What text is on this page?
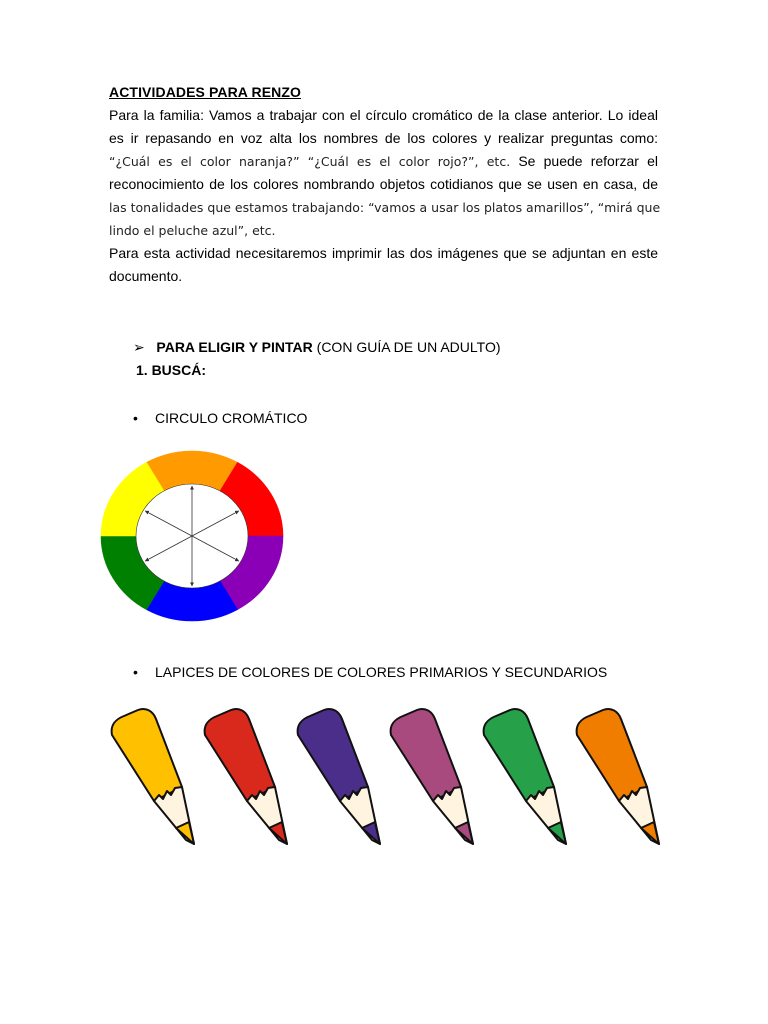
ACTIVIDADES PARA RENZO
Para la familia: Vamos a trabajar con el círculo cromático de la clase anterior. Lo ideal
es ir repasando en voz alta los nombres de los colores y realizar preguntas como:
“¿Cuál es el color naranja?” “¿Cuál es el color rojo?”, etc. Se puede reforzar el
reconocimiento de los colores nombrando objetos cotidianos que se usen en casa, de
las tonalidades que estamos trabajando: “vamos a usar los platos amarillos”, “mirá que
lindo el peluche azul”, etc.
Para esta actividad necesitaremos imprimir las dos imágenes que se adjuntan en este
documento.
➢ PARA ELIGIR Y PINTAR (CON GUÍA DE UN ADULTO)
1. BUSCÁ:
• CIRCULO CROMÁTICO
• LAPICES DE COLORES DE COLORES PRIMARIOS Y SECUNDARIOS
